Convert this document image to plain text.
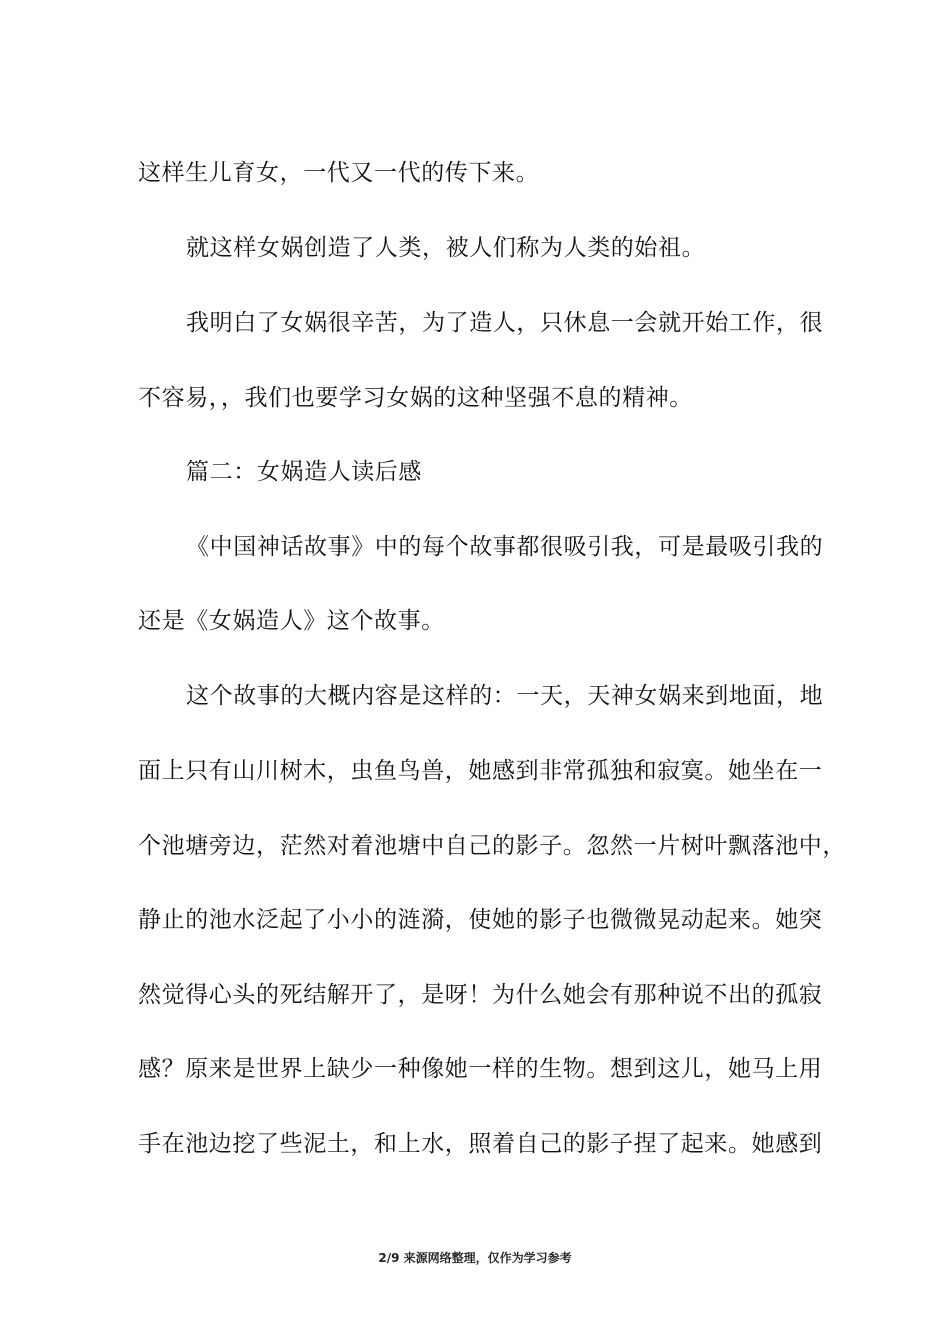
这样生儿育女，一代又一代的传下来。
就这样女娲创造了人类，被人们称为人类的始祖。
我明白了女娲很辛苦，为了造人，只休息一会就开始工作，很
不容易，，我们也要学习女娲的这种坚强不息的精神。
篇二：女娲造人读后感
《中国神话故事》中的每个故事都很吸引我，可是最吸引我的
还是《女娲造人》这个故事。
这个故事的大概内容是这样的：一天，天神女娲来到地面，地
面上只有山川树木，虫鱼鸟兽，她感到非常孤独和寂寞。她坐在一
个池塘旁边，茫然对着池塘中自己的影子。忽然一片树叶飘落池中，
静止的池水泛起了小小的涟漪，使她的影子也微微晃动起来。她突
然觉得心头的死结解开了，是呀！为什么她会有那种说不出的孤寂
感？原来是世界上缺少一种像她一样的生物。想到这儿，她马上用
手在池边挖了些泥土，和上水，照着自己的影子捏了起来。她感到
2/9 来源网络整理，仅作为学习参考
